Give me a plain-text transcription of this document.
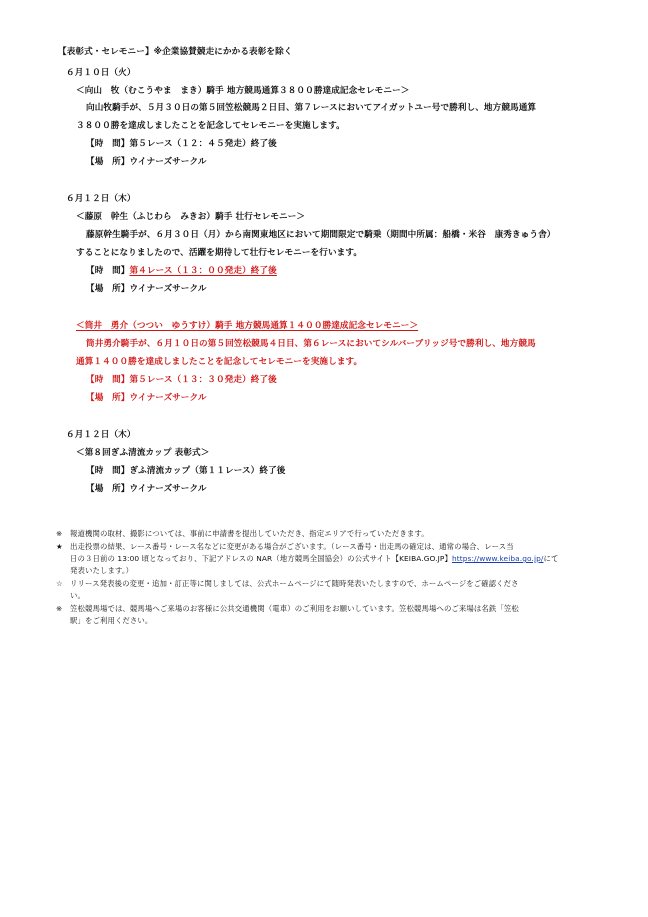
【表彰式・セレモニー】※企業協賛競走にかかる表彰を除く
６月１０日（火）
＜向山　牧（むこうやま　まき）騎手 地方競馬通算３８００勝達成記念セレモニー＞
向山牧騎手が、５月３０日の第５回笠松競馬２日目、第７レースにおいてアイガットユー号で勝利し、地方競馬通算
３８００勝を達成しましたことを記念してセレモニーを実施します。
【時　間】第５レース（１２：４５発走）終了後
【場　所】ウイナーズサークル
６月１２日（木）
＜藤原　幹生（ふじわら　みきお）騎手 壮行セレモニー＞
藤原幹生騎手が、６月３０日（月）から南関東地区において期間限定で騎乗（期間中所属：船橋・米谷　康秀きゅう舎）
することになりましたので、活躍を期待して壮行セレモニーを行います。
【時　間】第４レース（１３：００発走）終了後
【場　所】ウイナーズサークル
＜筒井　勇介（つつい　ゆうすけ）騎手 地方競馬通算１４００勝達成記念セレモニー＞
筒井勇介騎手が、６月１０日の第５回笠松競馬４日目、第６レースにおいてシルバーブリッジ号で勝利し、地方競馬
通算１４００勝を達成しましたことを記念してセレモニーを実施します。
【時　間】第５レース（１３：３０発走）終了後
【場　所】ウイナーズサークル
６月１２日（木）
＜第８回ぎふ清流カップ 表彰式＞
【時　間】ぎふ清流カップ（第１１レース）終了後
【場　所】ウイナーズサークル
※ 報道機関の取材、撮影については、事前に申請書を提出していただき、指定エリアで行っていただきます。
★ 出走投票の結果、レース番号・レース名などに変更がある場合がございます。（レース番号・出走馬の確定は、通常の場合、レース当
日の３日前の 13:00 頃となっており、下記アドレスの NAR（地方競馬全国協会）の公式サイト【KEIBA.GO.JP】https://www.keiba.go.jp/にて
発表いたします。）
☆ リリース発表後の変更・追加・訂正等に関しましては、公式ホームページにて随時発表いたしますので、ホームページをご確認くださ
い。
※ 笠松競馬場では、競馬場へご来場のお客様に公共交通機関（電車）のご利用をお願いしています。笠松競馬場へのご来場は名鉄「笠松
駅」をご利用ください。
